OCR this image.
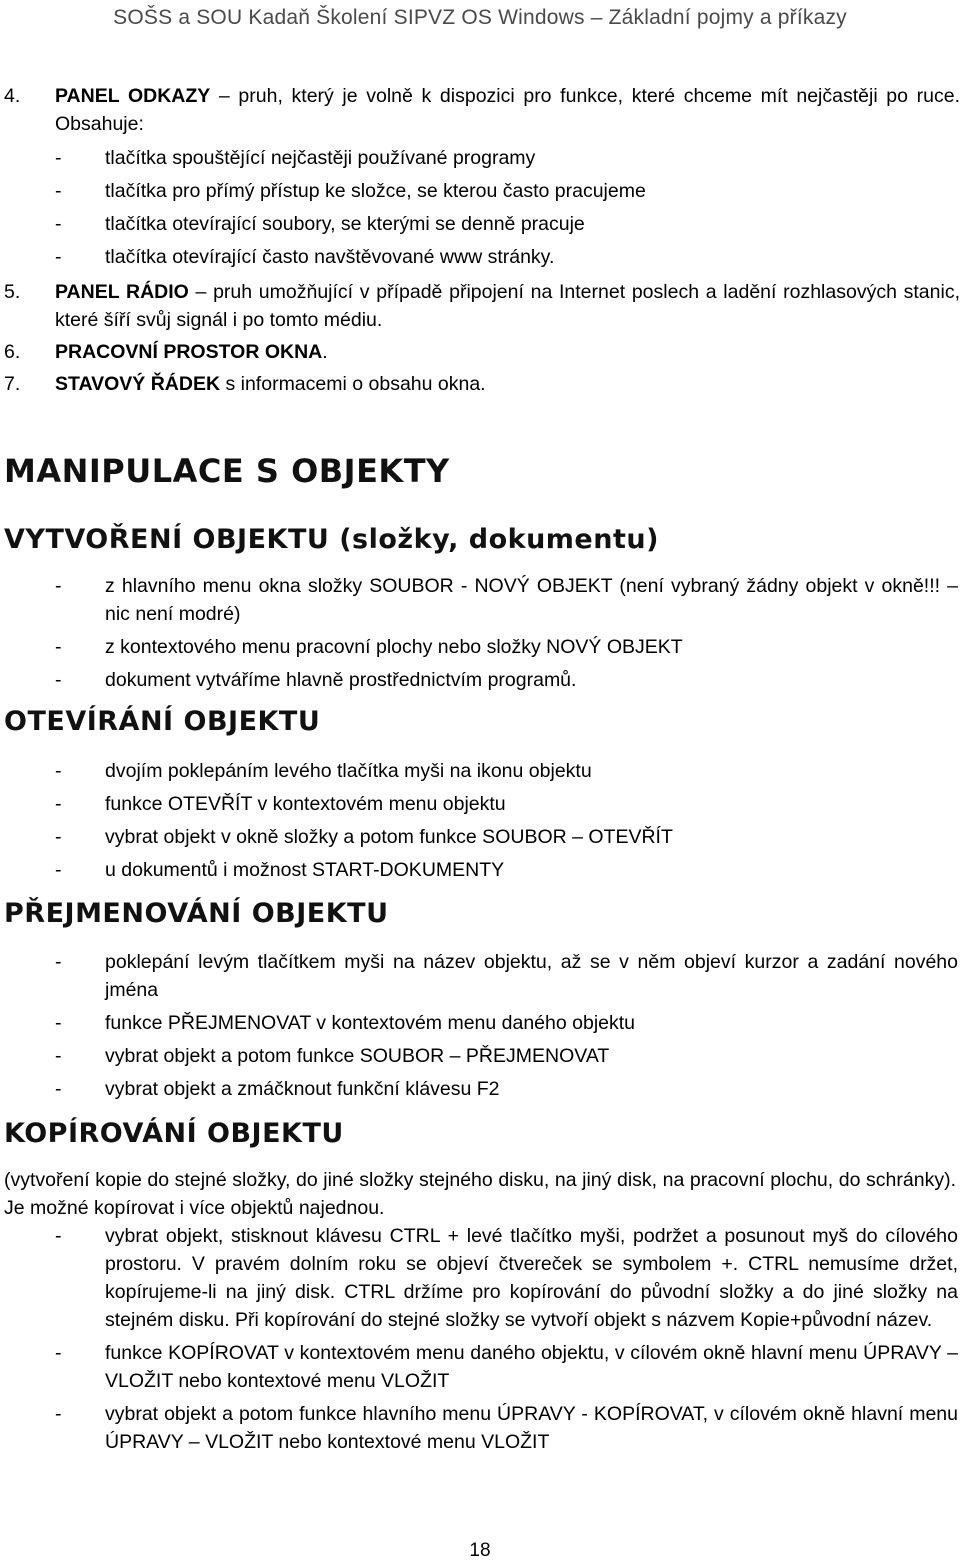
SOŠS a SOU Kadaň Školení SIPVZ OS Windows – Základní pojmy a příkazy
4. PANEL ODKAZY – pruh, který je volně k dispozici pro funkce, které chceme mít nejčastěji po ruce. Obsahuje:
- tlačítka spouštějící nejčastěji používané programy
- tlačítka pro přímý přístup ke složce, se kterou často pracujeme
- tlačítka otevírající soubory, se kterými se denně pracuje
- tlačítka otevírající často navštěvované www stránky.
5. PANEL RÁDIO – pruh umožňující v případě připojení na Internet poslech a ladění rozhlasových stanic, které šíří svůj signál i po tomto médiu.
6. PRACOVNÍ PROSTOR OKNA.
7. STAVOVÝ ŘÁDEK s informacemi o obsahu okna.
MANIPULACE S OBJEKTY
VYTVOŘENÍ OBJEKTU (složky, dokumentu)
- z hlavního menu okna složky SOUBOR - NOVÝ OBJEKT (není vybraný žádny objekt v okně!!! – nic není modré)
- z kontextového menu pracovní plochy nebo složky NOVÝ OBJEKT
- dokument vytváříme hlavně prostřednictvím programů.
OTEVÍRÁNÍ OBJEKTU
- dvojím poklepáním levého tlačítka myši na ikonu objektu
- funkce OTEVŘÍT v kontextovém menu objektu
- vybrat objekt v okně složky a potom funkce SOUBOR – OTEVŘÍT
- u dokumentů i možnost START-DOKUMENTY
PŘEJMENOVÁNÍ OBJEKTU
- poklepání levým tlačítkem myši na název objektu, až se v něm objeví kurzor a zadání nového jména
- funkce PŘEJMENOVAT v kontextovém menu daného objektu
- vybrat objekt a potom funkce SOUBOR – PŘEJMENOVAT
- vybrat objekt a zmáčknout funkční klávesu F2
KOPÍROVÁNÍ OBJEKTU
(vytvoření kopie do stejné složky, do jiné složky stejného disku, na jiný disk, na pracovní plochu, do schránky). Je možné kopírovat i více objektů najednou.
- vybrat objekt, stisknout klávesu CTRL + levé tlačítko myši, podržet a posunout myš do cílového prostoru. V pravém dolním roku se objeví čtvereček se symbolem +. CTRL nemusíme držet, kopírujeme-li na jiný disk. CTRL držíme pro kopírování do původní složky a do jiné složky na stejném disku. Při kopírování do stejné složky se vytvoří objekt s názvem Kopie+původní název.
- funkce KOPÍROVAT v kontextovém menu daného objektu, v cílovém okně hlavní menu ÚPRAVY – VLOŽIT nebo kontextové menu VLOŽIT
- vybrat objekt a potom funkce hlavního menu ÚPRAVY - KOPÍROVAT, v cílovém okně hlavní menu ÚPRAVY – VLOŽIT nebo kontextové menu VLOŽIT
18
